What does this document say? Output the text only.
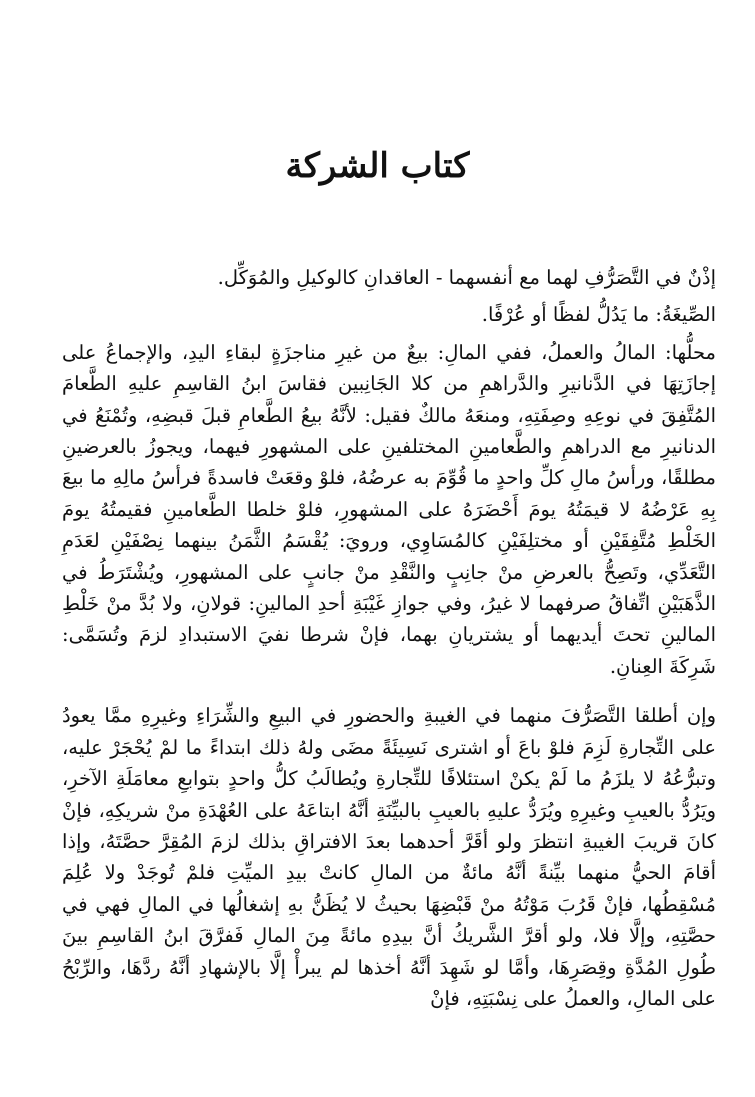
كتاب الشركة

إذْنٌ في التَّصَرُّفِ لهما مع أنفسهما - العاقدانِ كالوكيلِ والمُوَكِّل.

الصِّيغَةُ: ما يَدُلُّ لفظًا أو عُرْفًا.

محلُّها: المالُ والعملُ، ففي المالِ: بيعٌ من غيرِ مناجزَةٍ لبقاءِ اليدِ، والإجماعُ على إجازَتِهَا في الدَّنانيرِ والدَّراهمِ من كلا الجَانِبين فقاسَ ابنُ القاسِمِ عليهِ الطَّعامَ المُتَّفِقَ في نوعِهِ وصِفَتِهِ، ومنعَهُ مالكٌ فقيل: لأنَّهُ بيعُ الطَّعامِ قبلَ قبضِهِ، وتُمْنَعُ في الدنانيرِ مع الدراهمِ والطَّعامينِ المختلفينِ على المشهورِ فيهما، ويجوزُ بالعرضينِ مطلقًا، ورأسُ مالِ كلِّ واحدٍ ما قُوِّمَ به عرضُهُ، فلوْ وقعَتْ فاسدةً فرأسُ مالِهِ ما بيعَ بِهِ عَرْضُهُ لا قيمَتُهُ يومَ أَحْضَرَهُ على المشهورِ، فلوْ خلطا الطَّعامينِ فقيمتُهُ يومَ الخَلْطِ مُتَّفِقَيْنِ أو مختلِفَيْنِ كالمُسَاوِي، ورويَ: يُقْسَمُ الثَّمَنُ بينهما نِصْفَيْنِ لعَدَمِ التَّعَدِّي، وتَصِحُّ بالعرضِ منْ جانِبٍ والنَّقْدِ منْ جانبٍ على المشهورِ، ويُشْتَرَطُ في الذَّهَبَيْنِ اتِّفاقُ صرفهما لا غيرُ، وفي جوازِ غَيْبَةِ أحدِ المالينِ: قولانِ، ولا بُدَّ منْ خَلْطِ المالينِ تحتَ أيديهما أو يشتريانِ بهما، فإنْ شرطا نفيَ الاستبدادِ لزمَ وتُسَمَّى: شَرِكَةَ العِنانِ.

وإن أطلقا التَّصَرُّفَ منهما في الغيبةِ والحضورِ في البيعِ والشِّرَاءِ وغيرِهِ ممَّا يعودُ على التِّجارةِ لَزِمَ فلوْ باعَ أو اشترى نَسِيئَةً مضَى ولهُ ذلك ابتداءً ما لمْ يُحْجَرْ عليه، وتبرُّعُهُ لا يلزَمُ ما لَمْ يكنْ استئلافًا للتِّجارةِ ويُطالَبُ كلُّ واحدٍ بتوابعِ معامَلَةِ الآخرِ، ويَرُدُّ بالعيبِ وغيرِهِ ويُرَدُّ عليهِ بالعيبِ بالبيِّنَةِ أنَّهُ ابتاعَهُ على العُهْدَةِ منْ شريكِهِ، فإنْ كانَ قريبَ الغيبةِ انتظرَ ولو أقَرَّ أحدهما بعدَ الافتراقِ بذلك لزمَ المُقِرَّ حصَّتَهُ، وإذا أقامَ الحيُّ منهما بيِّنةً أنَّهُ مائةٌ من المالِ كانتْ بيدِ الميِّتِ فلمْ تُوجَدْ ولا عُلِمَ مُسْقِطُها، فإنْ قَرُبَ مَوْتُهُ منْ قَبْضِهَا بحيثُ لا يُظَنُّ بهِ إشغالُها في المالِ فهي في حصَّتِهِ، وإلَّا فلا، ولو أقرَّ الشَّريكُ أنَّ بيدِهِ مائةً مِنَ المالِ فَفرَّقَ ابنُ القاسِمِ بينَ طُولِ المُدَّةِ وقِصَرِهَا، وأمَّا لو شَهِدَ أنَّهُ أخذها لم يبرأْ إلَّا بالإشهادِ أنَّهُ ردَّهَا، والرِّبْحُ على المالِ، والعملُ على نِسْبَتِهِ، فإنْ
